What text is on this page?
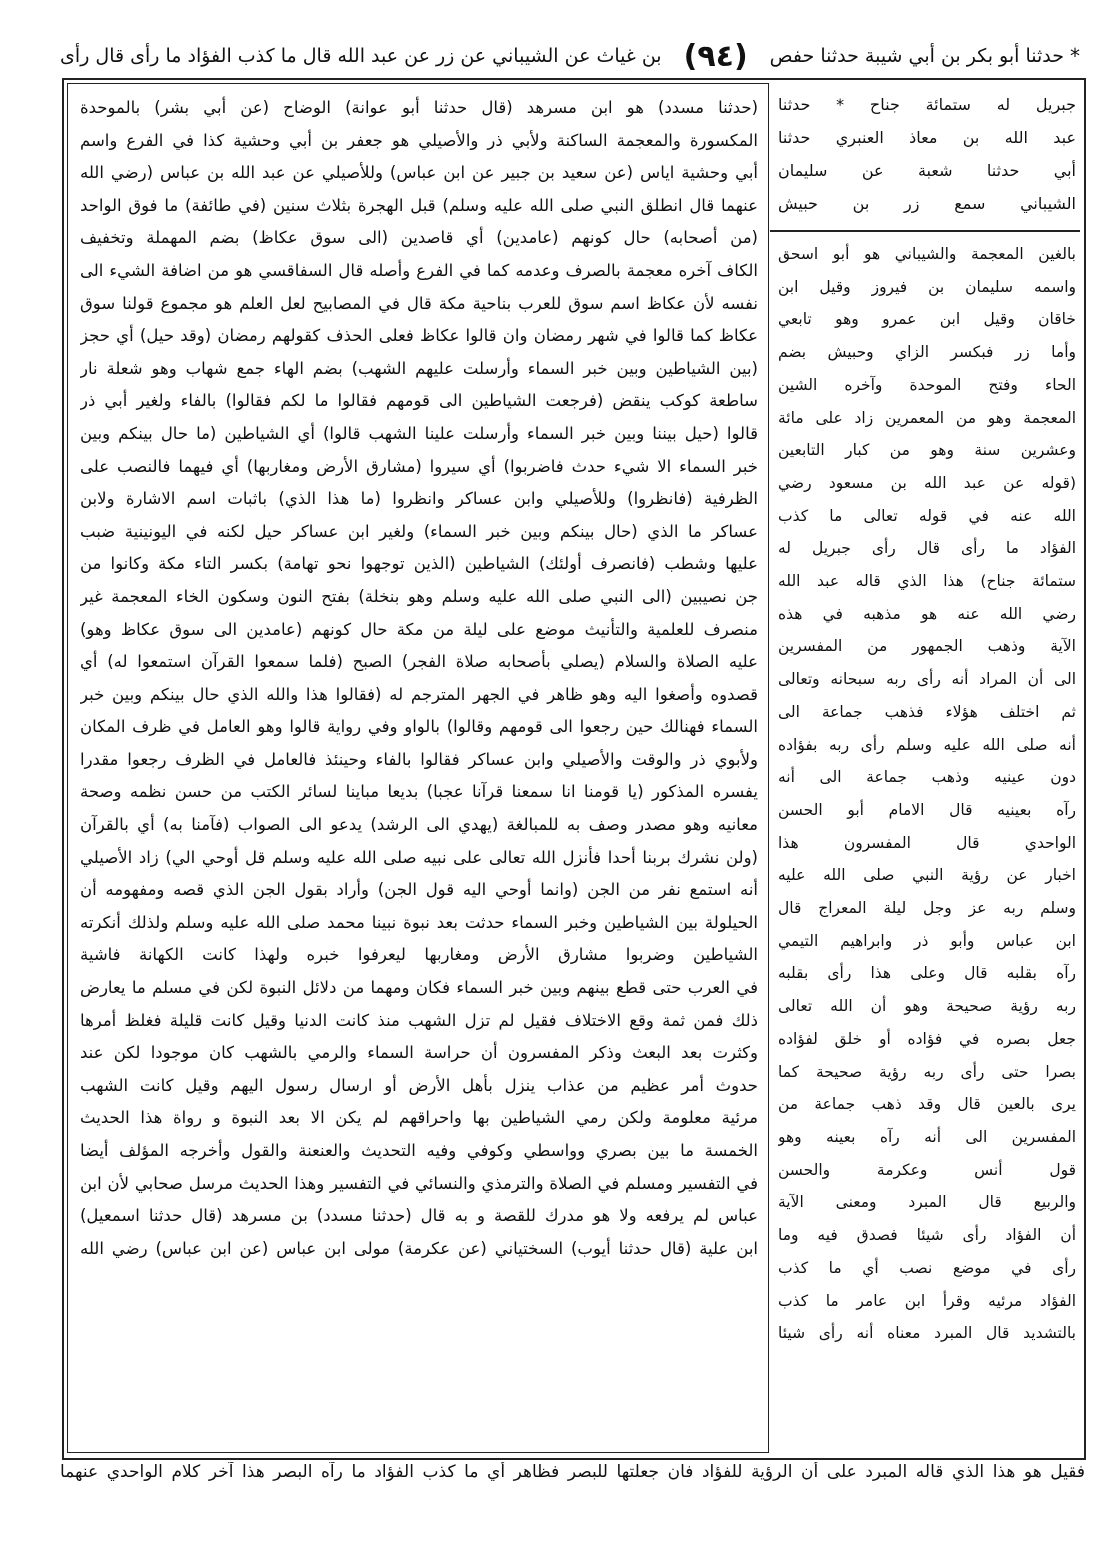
*
حدثنا أبو بكر بن أبي شيبة حدثنا حفص
(٩٤)
بن غياث عن الشيباني عن زر عن عبد الله قال ما كذب الفؤاد ما رأى قال رأى
جبريل له ستمائة جناح * حدثنا
عبد الله بن معاذ العنبري حدثنا
أبي حدثنا شعبة عن سليمان
الشيباني سمع زر بن حبيش
بالغين المعجمة والشيباني هو أبو اسحق
واسمه سليمان بن فيروز وقيل ابن
خاقان وقيل ابن عمرو وهو تابعي
وأما زر فبكسر الزاي وحبيش بضم
الحاء وفتح الموحدة وآخره الشين
المعجمة وهو من المعمرين زاد على مائة
وعشرين سنة وهو من كبار التابعين
(قوله عن عبد الله بن مسعود رضي
الله عنه في قوله تعالى ما كذب
الفؤاد ما رأى قال رأى جبريل له
ستمائة جناح) هذا الذي قاله عبد الله
رضي الله عنه هو مذهبه في هذه
الآية وذهب الجمهور من المفسرين
الى أن المراد أنه رأى ربه سبحانه وتعالى
ثم اختلف هؤلاء فذهب جماعة الى
أنه صلى الله عليه وسلم رأى ربه بفؤاده
دون عينيه وذهب جماعة الى أنه
رآه بعينيه قال الامام أبو الحسن
الواحدي قال المفسرون هذا
اخبار عن رؤية النبي صلى الله عليه
وسلم ربه عز وجل ليلة المعراج قال
ابن عباس وأبو ذر وابراهيم التيمي
رآه بقلبه قال وعلى هذا رأى بقلبه
ربه رؤية صحيحة وهو أن الله تعالى
جعل بصره في فؤاده أو خلق لفؤاده
بصرا حتى رأى ربه رؤية صحيحة كما
يرى بالعين قال وقد ذهب جماعة من
المفسرين الى أنه رآه بعينه وهو
قول أنس وعكرمة والحسن
والربيع قال المبرد ومعنى الآية
أن الفؤاد رأى شيئا فصدق فيه وما
رأى في موضع نصب أي ما كذب
الفؤاد مرئيه وقرأ ابن عامر ما كذب
بالتشديد قال المبرد معناه أنه رأى شيئا
(حدثنا مسدد) هو ابن مسرهد (قال حدثنا أبو عوانة) الوضاح (عن أبي بشر) بالموحدة
المكسورة والمعجمة الساكنة ولأبي ذر والأصيلي هو جعفر بن أبي وحشية كذا في الفرع واسم
أبي وحشية اياس (عن سعيد بن جبير عن ابن عباس) وللأصيلي عن عبد الله بن عباس (رضي الله
عنهما قال انطلق النبي صلى الله عليه وسلم) قبل الهجرة بثلاث سنين (في طائفة) ما فوق الواحد
(من أصحابه) حال كونهم (عامدين) أي قاصدين (الى سوق عكاظ) بضم المهملة وتخفيف
الكاف آخره معجمة بالصرف وعدمه كما في الفرع وأصله قال السفاقسي هو من اضافة الشيء الى
نفسه لأن عكاظ اسم سوق للعرب بناحية مكة قال في المصابيح لعل العلم هو مجموع قولنا سوق
عكاظ كما قالوا في شهر رمضان وان قالوا عكاظ فعلى الحذف كقولهم رمضان (وقد حيل) أي حجز
(بين الشياطين وبين خبر السماء وأرسلت عليهم الشهب) بضم الهاء جمع شهاب وهو شعلة نار
ساطعة كوكب ينقض (فرجعت الشياطين الى قومهم فقالوا ما لكم فقالوا) بالفاء ولغير أبي ذر
قالوا (حيل بيننا وبين خبر السماء وأرسلت علينا الشهب قالوا) أي الشياطين (ما حال بينكم وبين
خبر السماء الا شيء حدث فاضربوا) أي سيروا (مشارق الأرض ومغاربها) أي فيهما فالنصب على
الظرفية (فانظروا) وللأصيلي وابن عساكر وانظروا (ما هذا الذي) باثبات اسم الاشارة ولابن
عساكر ما الذي (حال بينكم وبين خبر السماء) ولغير ابن عساكر حيل لكنه في اليونينية ضبب
عليها وشطب (فانصرف أولئك) الشياطين (الذين توجهوا نحو تهامة) بكسر التاء مكة وكانوا من
جن نصيبين (الى النبي صلى الله عليه وسلم وهو بنخلة) بفتح النون وسكون الخاء المعجمة غير
منصرف للعلمية والتأنيث موضع على ليلة من مكة حال كونهم (عامدين الى سوق عكاظ وهو)
عليه الصلاة والسلام (يصلي بأصحابه صلاة الفجر) الصبح (فلما سمعوا القرآن استمعوا له) أي
قصدوه وأصغوا اليه وهو ظاهر في الجهر المترجم له (فقالوا هذا والله الذي حال بينكم وبين خبر
السماء فهنالك حين رجعوا الى قومهم وقالوا) بالواو وفي رواية قالوا وهو العامل في ظرف المكان
ولأبوي ذر والوقت والأصيلي وابن عساكر فقالوا بالفاء وحينئذ فالعامل في الظرف رجعوا مقدرا
يفسره المذكور (يا قومنا انا سمعنا قرآنا عجبا) بديعا مباينا لسائر الكتب من حسن نظمه وصحة
معانيه وهو مصدر وصف به للمبالغة (يهدي الى الرشد) يدعو الى الصواب (فآمنا به) أي بالقرآن
(ولن نشرك بربنا أحدا فأنزل الله تعالى على نبيه صلى الله عليه وسلم قل أوحي الي) زاد الأصيلي
أنه استمع نفر من الجن (وانما أوحي اليه قول الجن) وأراد بقول الجن الذي قصه ومفهومه أن
الحيلولة بين الشياطين وخبر السماء حدثت بعد نبوة نبينا محمد صلى الله عليه وسلم ولذلك أنكرته
الشياطين وضربوا مشارق الأرض ومغاربها ليعرفوا خبره ولهذا كانت الكهانة فاشية
في العرب حتى قطع بينهم وبين خبر السماء فكان ومهما من دلائل النبوة لكن في مسلم ما يعارض
ذلك فمن ثمة وقع الاختلاف فقيل لم تزل الشهب منذ كانت الدنيا وقيل كانت قليلة فغلظ أمرها
وكثرت بعد البعث وذكر المفسرون أن حراسة السماء والرمي بالشهب كان موجودا لكن عند
حدوث أمر عظيم من عذاب ينزل بأهل الأرض أو ارسال رسول اليهم وقيل كانت الشهب
مرئية معلومة ولكن رمي الشياطين بها واحراقهم لم يكن الا بعد النبوة و رواة هذا الحديث
الخمسة ما بين بصري وواسطي وكوفي وفيه التحديث والعنعنة والقول وأخرجه المؤلف أيضا
في التفسير ومسلم في الصلاة والترمذي والنسائي في التفسير وهذا الحديث مرسل صحابي لأن ابن
عباس لم يرفعه ولا هو مدرك للقصة و به قال (حدثنا مسدد) بن مسرهد (قال حدثنا اسمعيل)
ابن علية (قال حدثنا أيوب) السختياني (عن عكرمة) مولى ابن عباس (عن ابن عباس) رضي الله
فقيل هو هذا الذي قاله المبرد على أن الرؤية للفؤاد فان جعلتها للبصر فظاهر أي ما كذب الفؤاد ما رآه البصر هذا آخر كلام الواحدي عنهما
